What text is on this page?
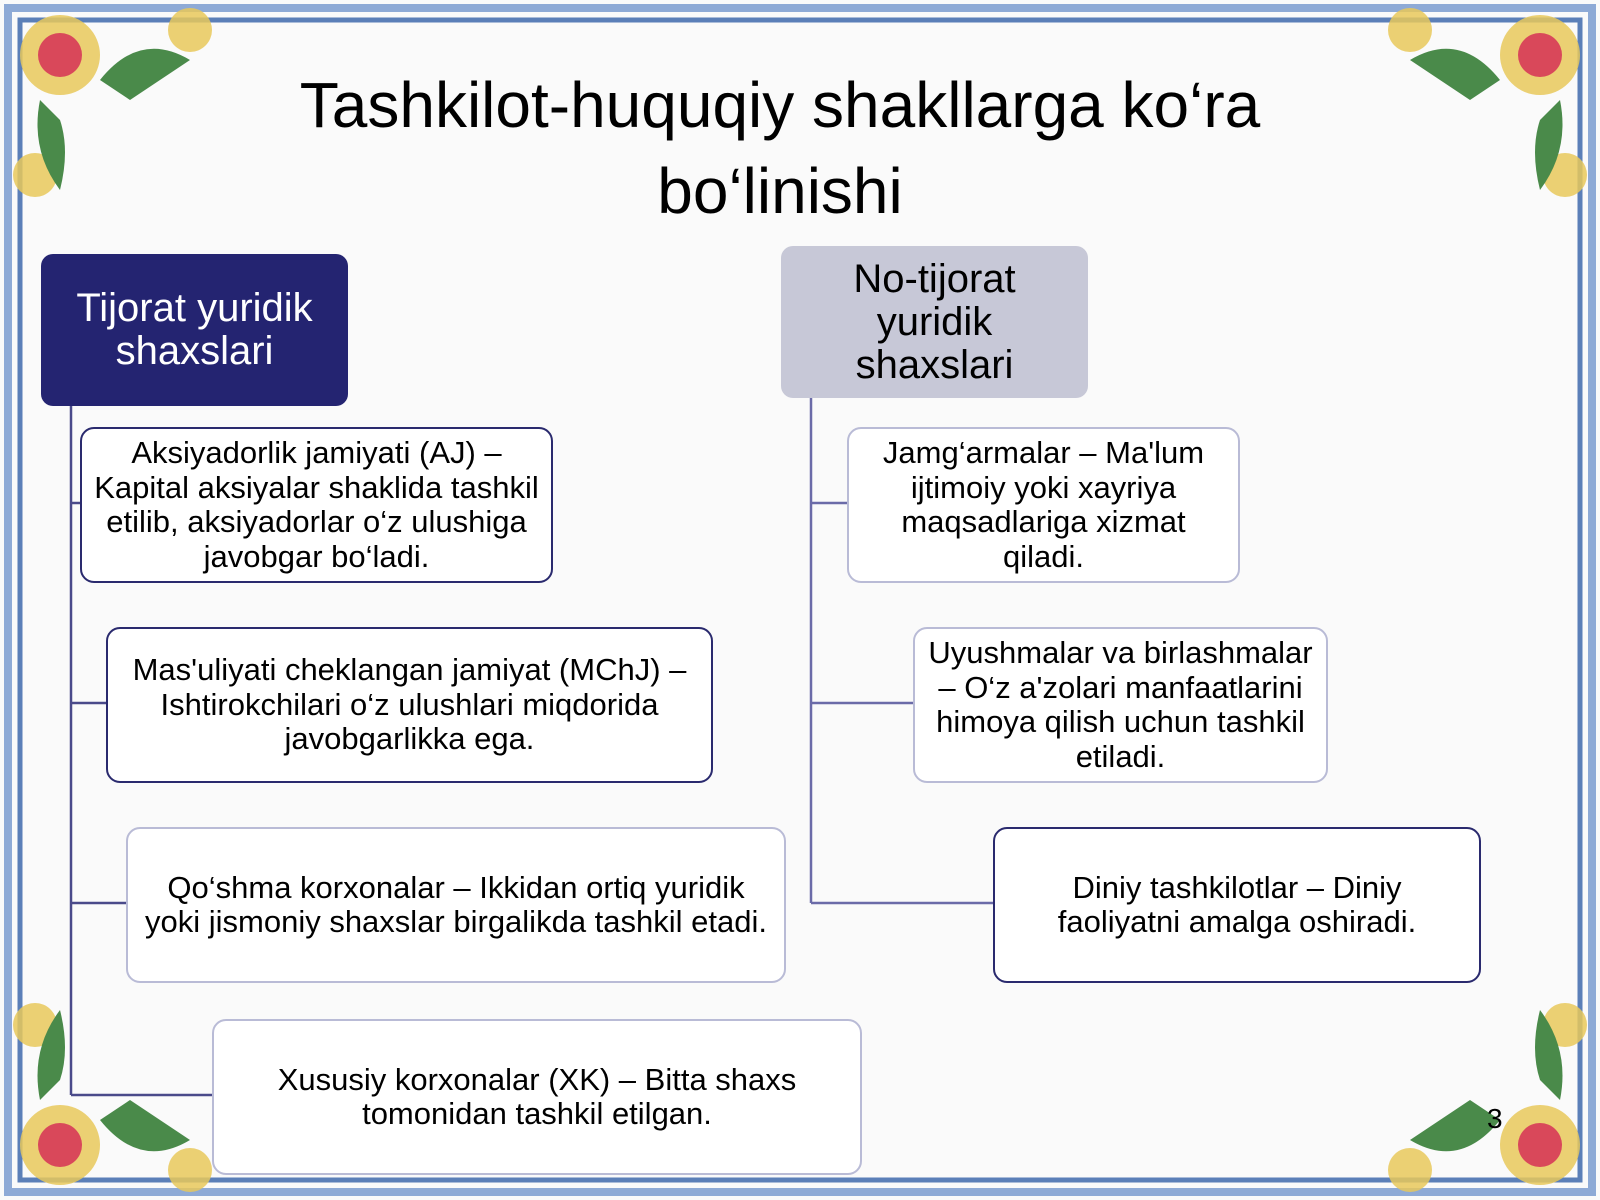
Tashkilot-huquqiy shakllarga ko‘ra bo‘linishi
Tijorat yuridik shaxslari
No-tijorat yuridik shaxslari
Aksiyadorlik jamiyati (AJ) – Kapital aksiyalar shaklida tashkil etilib, aksiyadorlar o‘z ulushiga javobgar bo‘ladi.
Mas'uliyati cheklangan jamiyat (MChJ) – Ishtirokchilari o‘z ulushlari miqdorida javobgarlikka ega.
Qo‘shma korxonalar – Ikkidan ortiq yuridik yoki jismoniy shaxslar birgalikda tashkil etadi.
Xususiy korxonalar (XK) – Bitta shaxs tomonidan tashkil etilgan.
Jamg‘armalar – Ma'lum ijtimoiy yoki xayriya maqsadlariga xizmat qiladi.
Uyushmalar va birlashmalar – O‘z a'zolari manfaatlarini himoya qilish uchun tashkil etiladi.
Diniy tashkilotlar – Diniy faoliyatni amalga oshiradi.
3
